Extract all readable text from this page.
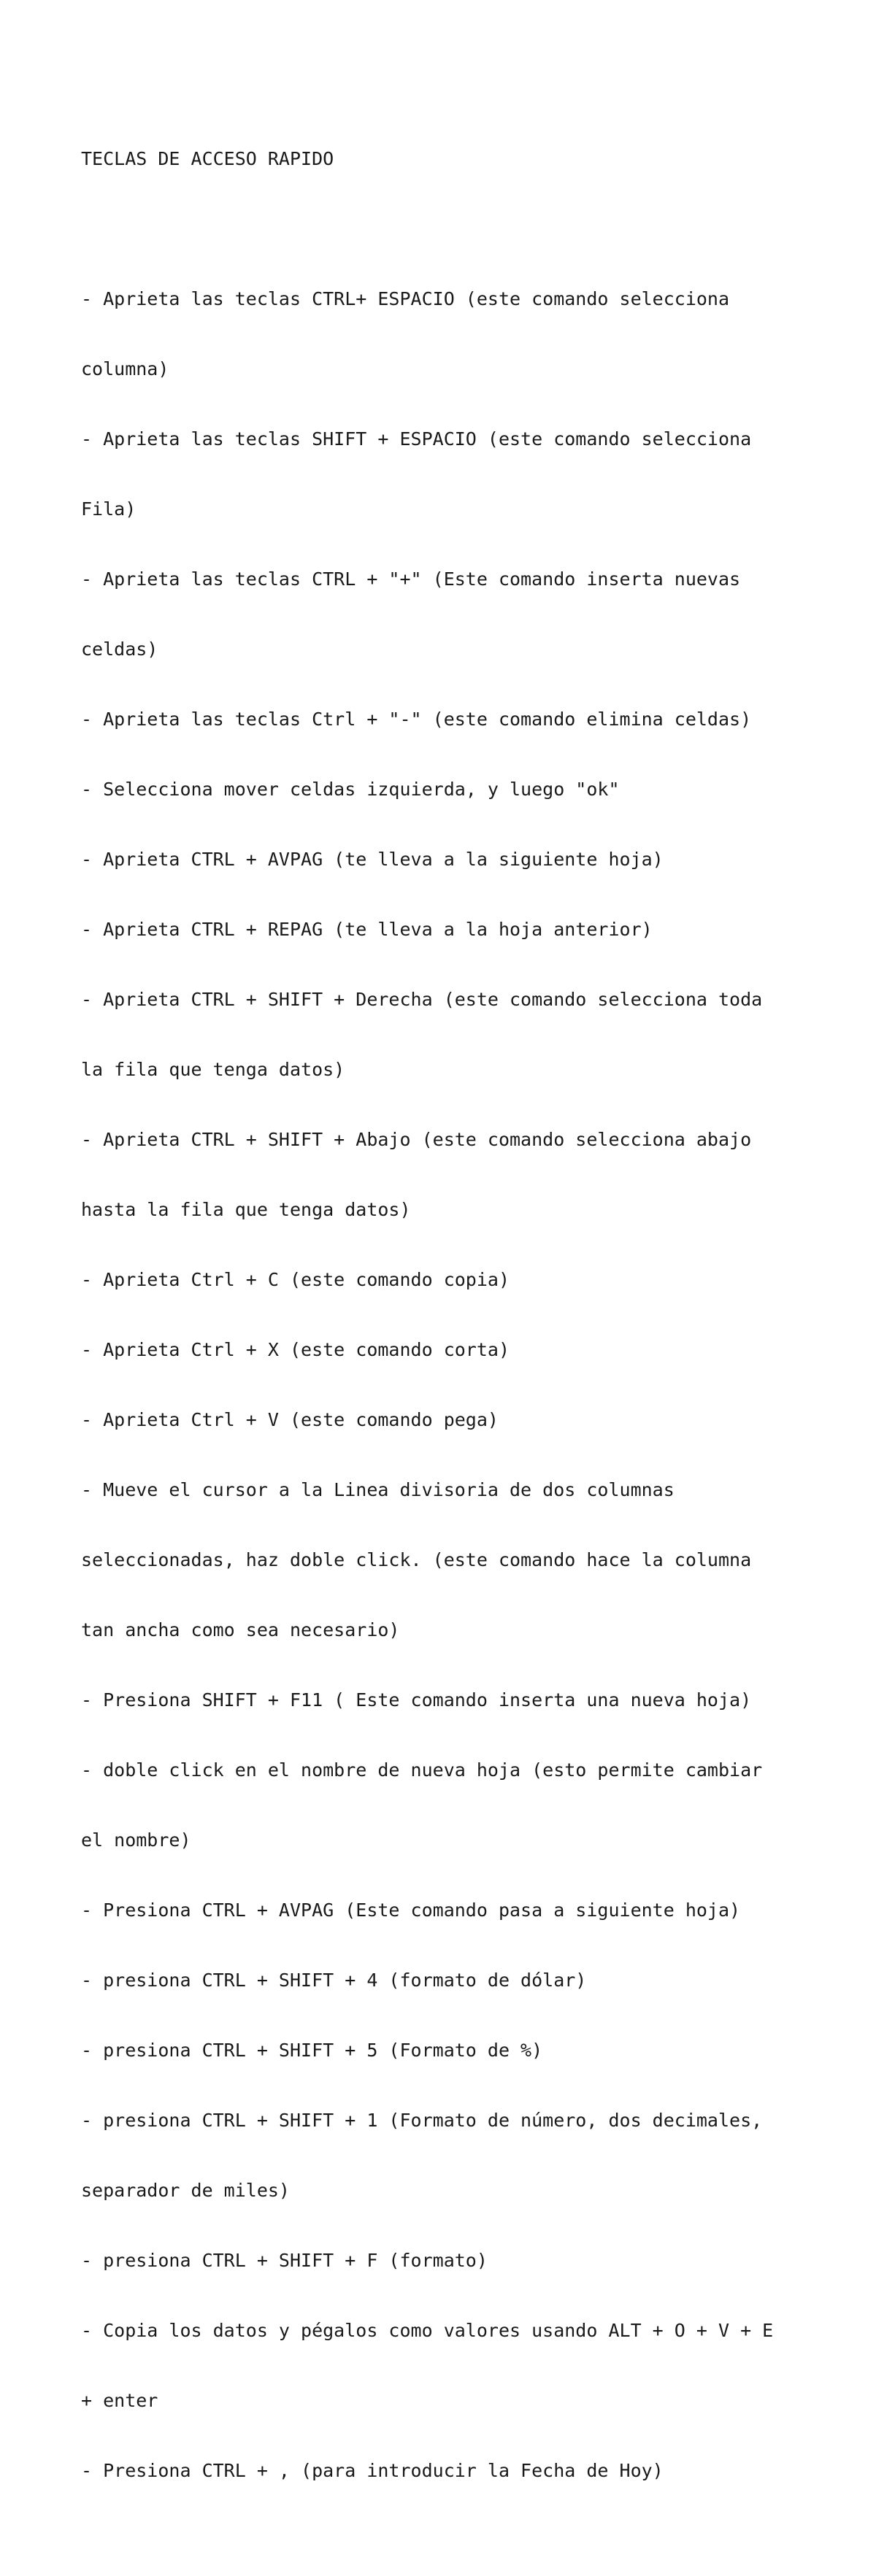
TECLAS DE ACCESO RAPIDO

- Aprieta las teclas CTRL+ ESPACIO (este comando selecciona

columna)

- Aprieta las teclas SHIFT + ESPACIO (este comando selecciona

Fila)

- Aprieta las teclas CTRL + "+" (Este comando inserta nuevas

celdas)

- Aprieta las teclas Ctrl + "-" (este comando elimina celdas)

- Selecciona mover celdas izquierda, y luego "ok"

- Aprieta CTRL + AVPAG (te lleva a la siguiente hoja)

- Aprieta CTRL + REPAG (te lleva a la hoja anterior)

- Aprieta CTRL + SHIFT + Derecha (este comando selecciona toda

la fila que tenga datos)

- Aprieta CTRL + SHIFT + Abajo (este comando selecciona abajo

hasta la fila que tenga datos)

- Aprieta Ctrl + C (este comando copia)

- Aprieta Ctrl + X (este comando corta)

- Aprieta Ctrl + V (este comando pega)

- Mueve el cursor a la Linea divisoria de dos columnas

seleccionadas, haz doble click. (este comando hace la columna

tan ancha como sea necesario)

- Presiona SHIFT + F11 ( Este comando inserta una nueva hoja)

- doble click en el nombre de nueva hoja (esto permite cambiar

el nombre)

- Presiona CTRL + AVPAG (Este comando pasa a siguiente hoja)

- presiona CTRL + SHIFT + 4 (formato de dólar)

- presiona CTRL + SHIFT + 5 (Formato de %)

- presiona CTRL + SHIFT + 1 (Formato de número, dos decimales,

separador de miles)

- presiona CTRL + SHIFT + F (formato)

- Copia los datos y pégalos como valores usando ALT + O + V + E

+ enter

- Presiona CTRL + , (para introducir la Fecha de Hoy)
